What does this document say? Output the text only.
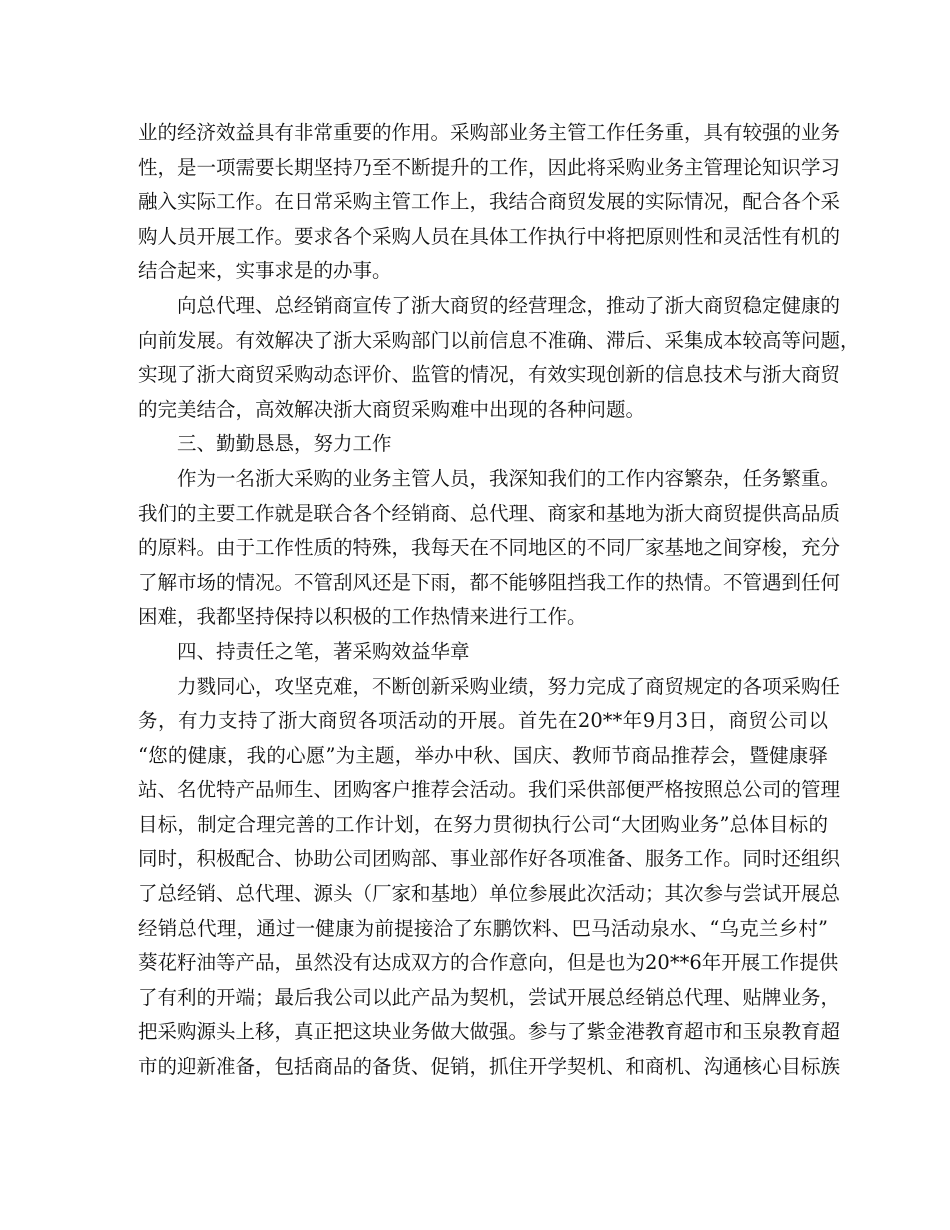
业的经济效益具有非常重要的作用。采购部业务主管工作任务重，具有较强的业务
性，是一项需要长期坚持乃至不断提升的工作，因此将采购业务主管理论知识学习
融入实际工作。在日常采购主管工作上，我结合商贸发展的实际情况，配合各个采
购人员开展工作。要求各个采购人员在具体工作执行中将把原则性和灵活性有机的
结合起来，实事求是的办事。
向总代理、总经销商宣传了浙大商贸的经营理念，推动了浙大商贸稳定健康的
向前发展。有效解决了浙大采购部门以前信息不准确、滞后、采集成本较高等问题，
实现了浙大商贸采购动态评价、监管的情况，有效实现创新的信息技术与浙大商贸
的完美结合，高效解决浙大商贸采购难中出现的各种问题。
三、勤勤恳恳，努力工作
作为一名浙大采购的业务主管人员，我深知我们的工作内容繁杂，任务繁重。
我们的主要工作就是联合各个经销商、总代理、商家和基地为浙大商贸提供高品质
的原料。由于工作性质的特殊，我每天在不同地区的不同厂家基地之间穿梭，充分
了解市场的情况。不管刮风还是下雨，都不能够阻挡我工作的热情。不管遇到任何
困难，我都坚持保持以积极的工作热情来进行工作。
四、持责任之笔，著采购效益华章
力戮同心，攻坚克难，不断创新采购业绩，努力完成了商贸规定的各项采购任
务，有力支持了浙大商贸各项活动的开展。首先在20**年9月3日，商贸公司以
“您的健康，我的心愿”为主题，举办中秋、国庆、教师节商品推荐会，暨健康驿
站、名优特产品师生、团购客户推荐会活动。我们采供部便严格按照总公司的管理
目标，制定合理完善的工作计划，在努力贯彻执行公司“大团购业务”总体目标的
同时，积极配合、协助公司团购部、事业部作好各项准备、服务工作。同时还组织
了总经销、总代理、源头（厂家和基地）单位参展此次活动；其次参与尝试开展总
经销总代理，通过一健康为前提接洽了东鹏饮料、巴马活动泉水、“乌克兰乡村”
葵花籽油等产品，虽然没有达成双方的合作意向，但是也为20**6年开展工作提供
了有利的开端；最后我公司以此产品为契机，尝试开展总经销总代理、贴牌业务，
把采购源头上移，真正把这块业务做大做强。参与了紫金港教育超市和玉泉教育超
市的迎新准备，包括商品的备货、促销，抓住开学契机、和商机、沟通核心目标族
